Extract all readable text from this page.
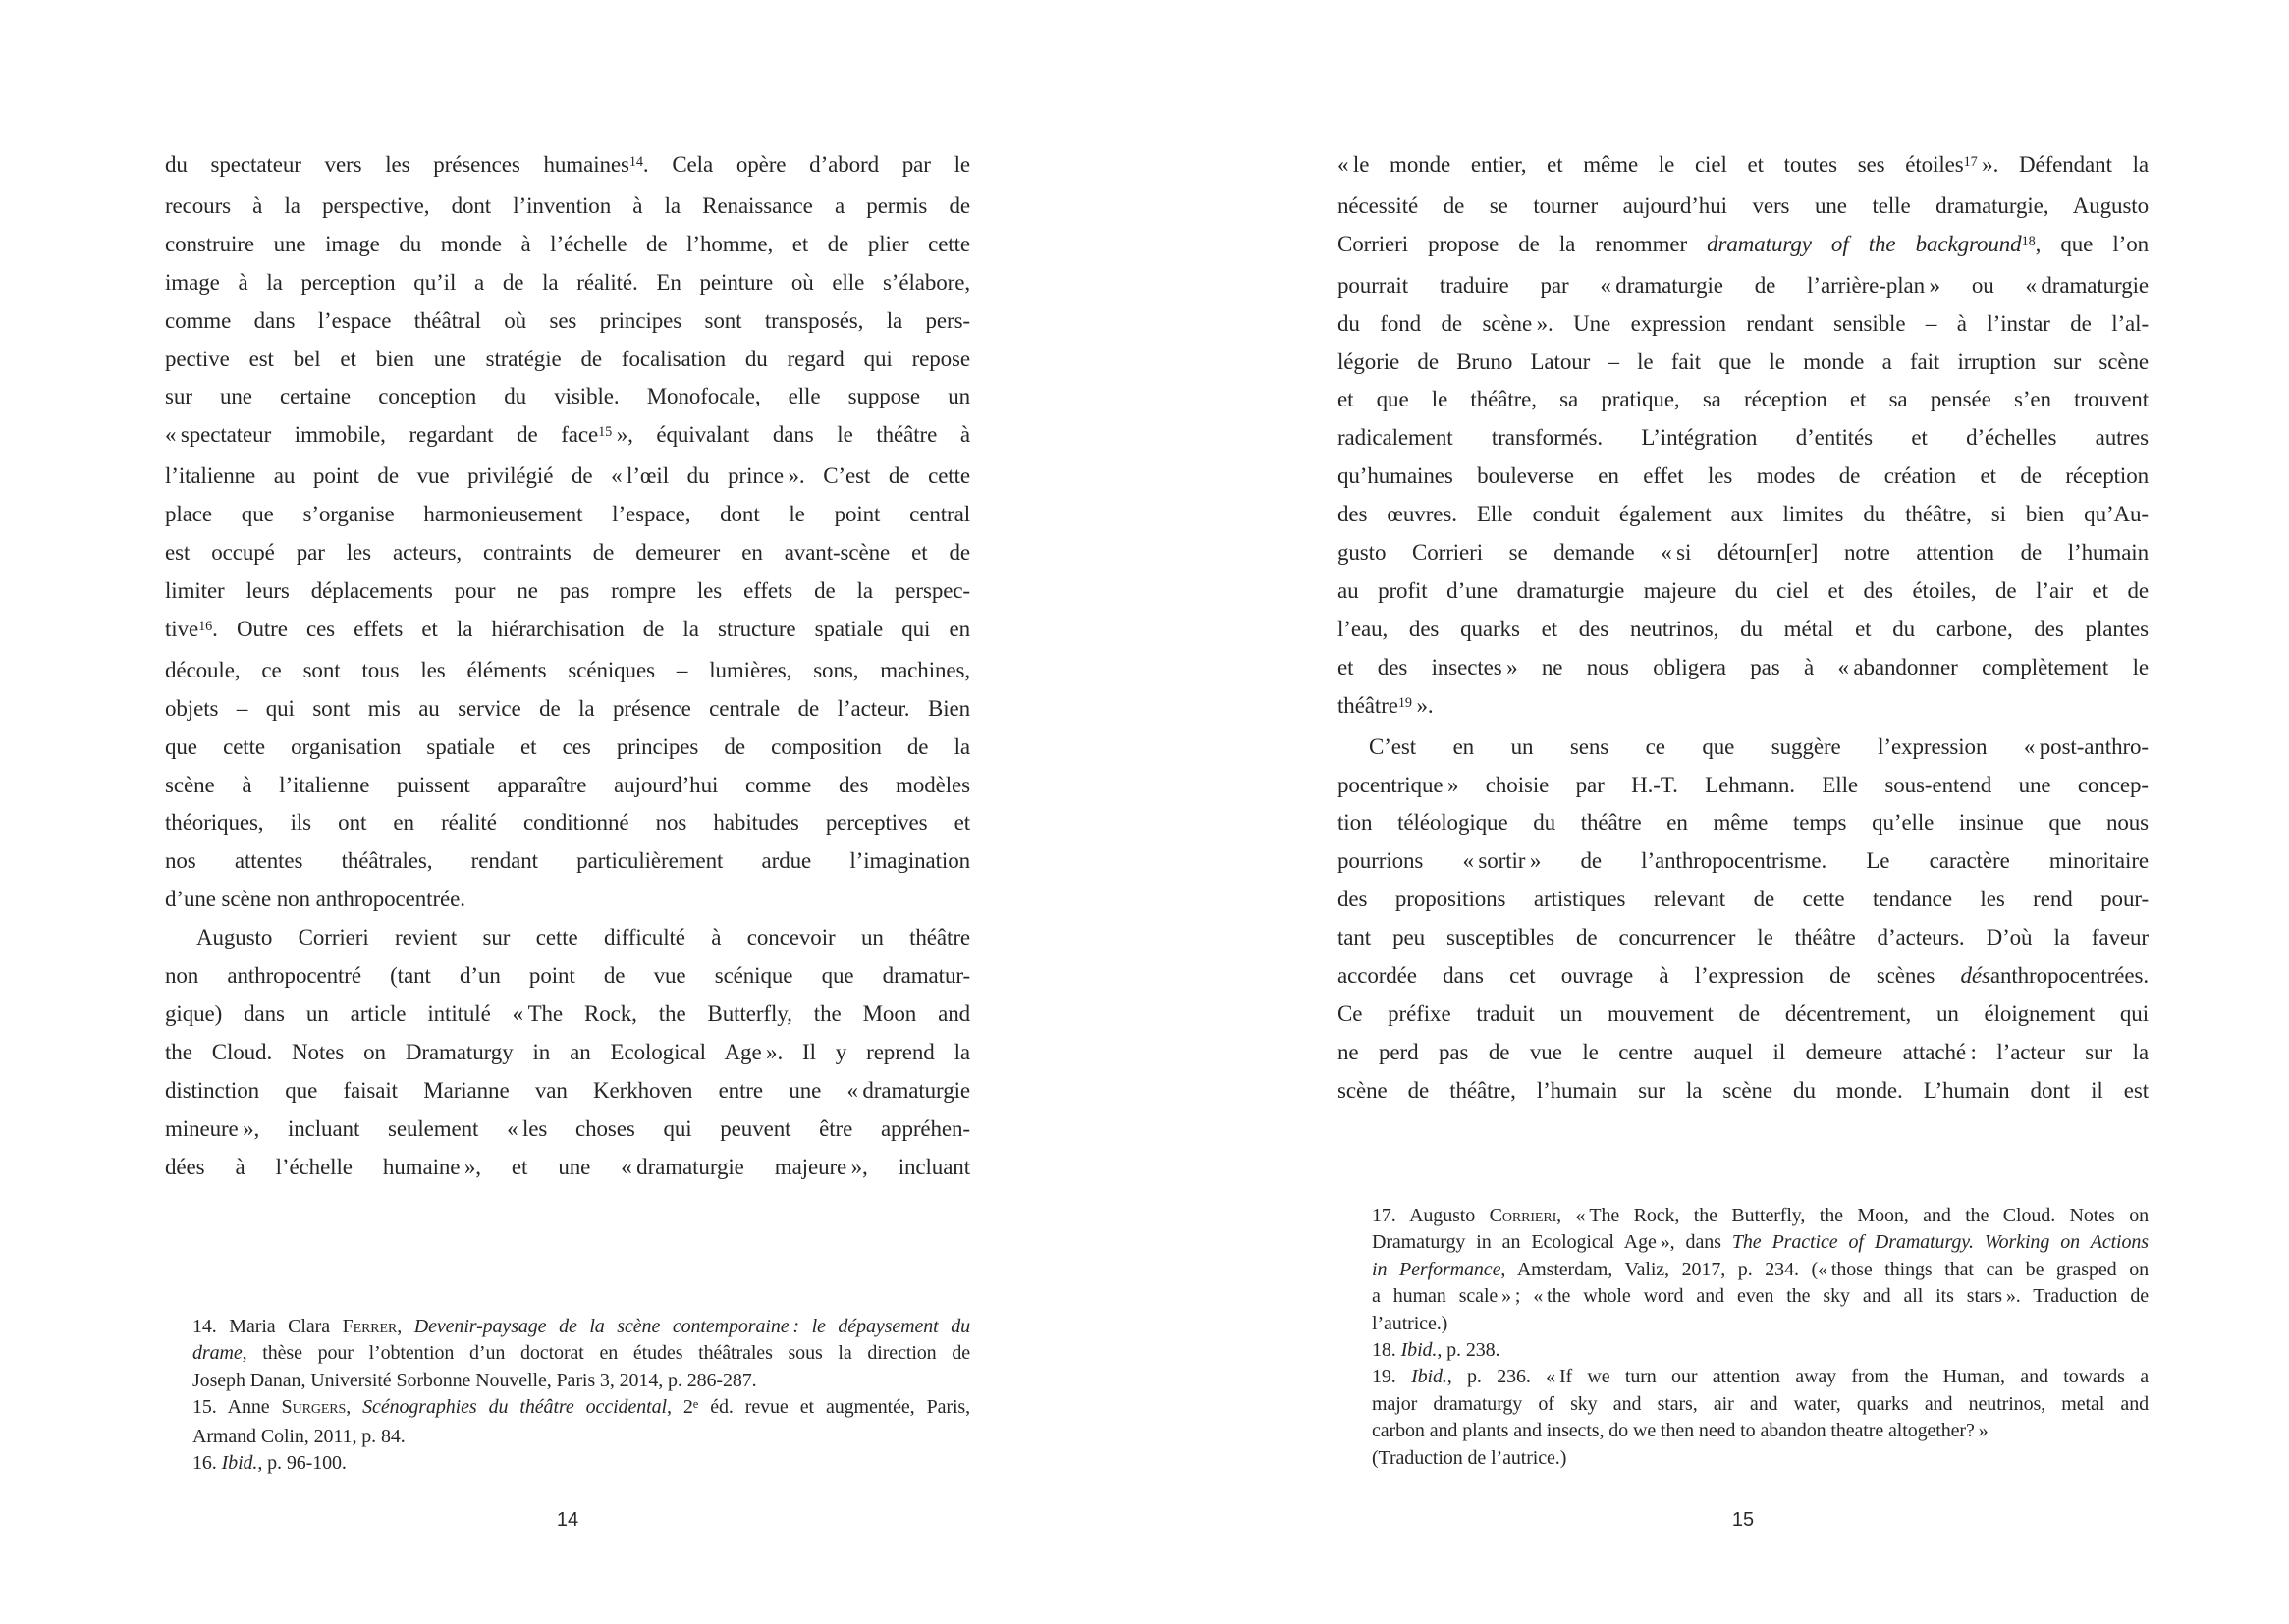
du spectateur vers les présences humaines$^{14}$. Cela opère d’abord par le
recours à la perspective, dont l’invention à la Renaissance a permis de
construire une image du monde à l’échelle de l’homme, et de plier cette
image à la perception qu’il a de la réalité. En peinture où elle s’élabore,
comme dans l’espace théâtral où ses principes sont transposés, la pers-
pective est bel et bien une stratégie de focalisation du regard qui repose
sur une certaine conception du visible. Monofocale, elle suppose un
« spectateur immobile, regardant de face$^{15}$ », équivalant dans le théâtre à
l’italienne au point de vue privilégié de « l’œil du prince ». C’est de cette
place que s’organise harmonieusement l’espace, dont le point central
est occupé par les acteurs, contraints de demeurer en avant-scène et de
limiter leurs déplacements pour ne pas rompre les effets de la perspec-
tive$^{16}$. Outre ces effets et la hiérarchisation de la structure spatiale qui en
découle, ce sont tous les éléments scéniques – lumières, sons, machines,
objets – qui sont mis au service de la présence centrale de l’acteur. Bien
que cette organisation spatiale et ces principes de composition de la
scène à l’italienne puissent apparaître aujourd’hui comme des modèles
théoriques, ils ont en réalité conditionné nos habitudes perceptives et
nos attentes théâtrales, rendant particulièrement ardue l’imagination
d’une scène non anthropocentrée.
Augusto Corrieri revient sur cette difficulté à concevoir un théâtre
non anthropocentré (tant d’un point de vue scénique que dramatur-
gique) dans un article intitulé « The Rock, the Butterfly, the Moon and
the Cloud. Notes on Dramaturgy in an Ecological Age ». Il y reprend la
distinction que faisait Marianne van Kerkhoven entre une « dramaturgie
mineure », incluant seulement « les choses qui peuvent être appréhen-
dées à l’échelle humaine », et une « dramaturgie majeure », incluant
14. Maria Clara Ferrer, Devenir-paysage de la scène contemporaine : le dépaysement du
drame, thèse pour l’obtention d’un doctorat en études théâtrales sous la direction de
Joseph Danan, Université Sorbonne Nouvelle, Paris 3, 2014, p. 286-287.
15. Anne Surgers, Scénographies du théâtre occidental, 2e éd. revue et augmentée, Paris,
Armand Colin, 2011, p. 84.
16. Ibid., p. 96-100.
14
« le monde entier, et même le ciel et toutes ses étoiles$^{17}$ ». Défendant la
nécessité de se tourner aujourd’hui vers une telle dramaturgie, Augusto
Corrieri propose de la renommer dramaturgy of the background$^{18}$, que l’on
pourrait traduire par « dramaturgie de l’arrière-plan » ou « dramaturgie
du fond de scène ». Une expression rendant sensible – à l’instar de l’al-
légorie de Bruno Latour – le fait que le monde a fait irruption sur scène
et que le théâtre, sa pratique, sa réception et sa pensée s’en trouvent
radicalement transformés. L’intégration d’entités et d’échelles autres
qu’humaines bouleverse en effet les modes de création et de réception
des œuvres. Elle conduit également aux limites du théâtre, si bien qu’Au-
gusto Corrieri se demande « si détourn[er] notre attention de l’humain
au profit d’une dramaturgie majeure du ciel et des étoiles, de l’air et de
l’eau, des quarks et des neutrinos, du métal et du carbone, des plantes
et des insectes » ne nous obligera pas à « abandonner complètement le
théâtre$^{19}$ ».
C’est en un sens ce que suggère l’expression « post-anthro-
pocentrique » choisie par H.-T. Lehmann. Elle sous-entend une concep-
tion téléologique du théâtre en même temps qu’elle insinue que nous
pourrions « sortir » de l’anthropocentrisme. Le caractère minoritaire
des propositions artistiques relevant de cette tendance les rend pour-
tant peu susceptibles de concurrencer le théâtre d’acteurs. D’où la faveur
accordée dans cet ouvrage à l’expression de scènes désanthropocentrées.
Ce préfixe traduit un mouvement de décentrement, un éloignement qui
ne perd pas de vue le centre auquel il demeure attaché : l’acteur sur la
scène de théâtre, l’humain sur la scène du monde. L’humain dont il est
17. Augusto Corrieri, « The Rock, the Butterfly, the Moon, and the Cloud. Notes on
Dramaturgy in an Ecological Age », dans The Practice of Dramaturgy. Working on Actions
in Performance, Amsterdam, Valiz, 2017, p. 234. (« those things that can be grasped on
a human scale » ; « the whole word and even the sky and all its stars ». Traduction de
l’autrice.)
18. Ibid., p. 238.
19. Ibid., p. 236. « If we turn our attention away from the Human, and towards a
major dramaturgy of sky and stars, air and water, quarks and neutrinos, metal and
carbon and plants and insects, do we then need to abandon theatre altogether? »
(Traduction de l’autrice.)
15
